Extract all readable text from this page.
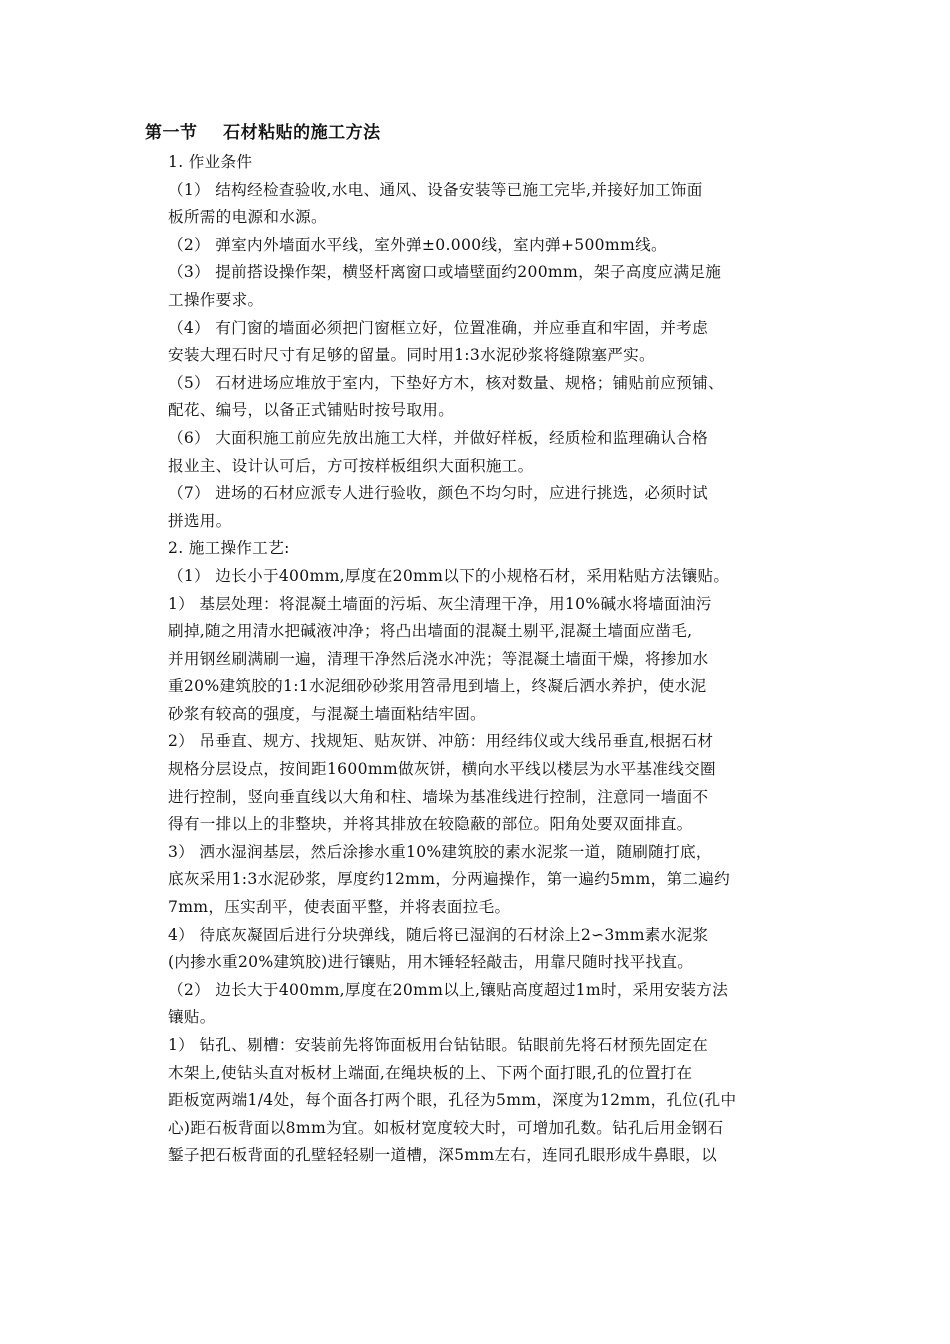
第一节    石材粘贴的施工方法
1. 作业条件
（1） 结构经检查验收,水电、通风、设备安装等已施工完毕,并接好加工饰面
板所需的电源和水源。
（2） 弹室内外墙面水平线，室外弹±0.000线，室内弹+500mm线。
（3） 提前搭设操作架，横竖杆离窗口或墙壁面约200mm，架子高度应满足施
工操作要求。
（4） 有门窗的墙面必须把门窗框立好，位置准确，并应垂直和牢固，并考虑
安装大理石时尺寸有足够的留量。同时用1:3水泥砂浆将缝隙塞严实。
（5） 石材进场应堆放于室内，下垫好方木，核对数量、规格；铺贴前应预铺、
配花、编号，以备正式铺贴时按号取用。
（6） 大面积施工前应先放出施工大样，并做好样板，经质检和监理确认合格
报业主、设计认可后，方可按样板组织大面积施工。
（7） 进场的石材应派专人进行验收，颜色不均匀时，应进行挑选，必须时试
拼选用。
2. 施工操作工艺:
（1） 边长小于400mm,厚度在20mm以下的小规格石材，采用粘贴方法镶贴。
1） 基层处理：将混凝土墙面的污垢、灰尘清理干净，用10%碱水将墙面油污
刷掉,随之用清水把碱液冲净；将凸出墙面的混凝土剔平,混凝土墙面应凿毛,
并用钢丝刷满刷一遍，清理干净然后浇水冲洗；等混凝土墙面干燥，将掺加水
重20%建筑胶的1:1水泥细砂砂浆用笤帚甩到墙上，终凝后洒水养护，使水泥
砂浆有较高的强度，与混凝土墙面粘结牢固。
2） 吊垂直、规方、找规矩、贴灰饼、冲筋：用经纬仪或大线吊垂直,根据石材
规格分层设点，按间距1600mm做灰饼，横向水平线以楼层为水平基准线交圈
进行控制，竖向垂直线以大角和柱、墙垛为基准线进行控制，注意同一墙面不
得有一排以上的非整块，并将其排放在较隐蔽的部位。阳角处要双面排直。
3） 洒水湿润基层，然后涂掺水重10%建筑胶的素水泥浆一道，随刷随打底，
底灰采用1:3水泥砂浆，厚度约12mm，分两遍操作，第一遍约5mm，第二遍约
7mm，压实刮平，使表面平整，并将表面拉毛。
4） 待底灰凝固后进行分块弹线，随后将已湿润的石材涂上2∽3mm素水泥浆
(内掺水重20%建筑胶)进行镶贴，用木锤轻轻敲击，用靠尺随时找平找直。
（2） 边长大于400mm,厚度在20mm以上,镶贴高度超过1m时，采用安装方法
镶贴。
1） 钻孔、剔槽：安装前先将饰面板用台钻钻眼。钻眼前先将石材预先固定在
木架上,使钻头直对板材上端面,在绳块板的上、下两个面打眼,孔的位置打在
距板宽两端1/4处，每个面各打两个眼，孔径为5mm，深度为12mm，孔位(孔中
心)距石板背面以8mm为宜。如板材宽度较大时，可增加孔数。钻孔后用金钢石
錾子把石板背面的孔壁轻轻剔一道槽，深5mm左右，连同孔眼形成牛鼻眼，以
